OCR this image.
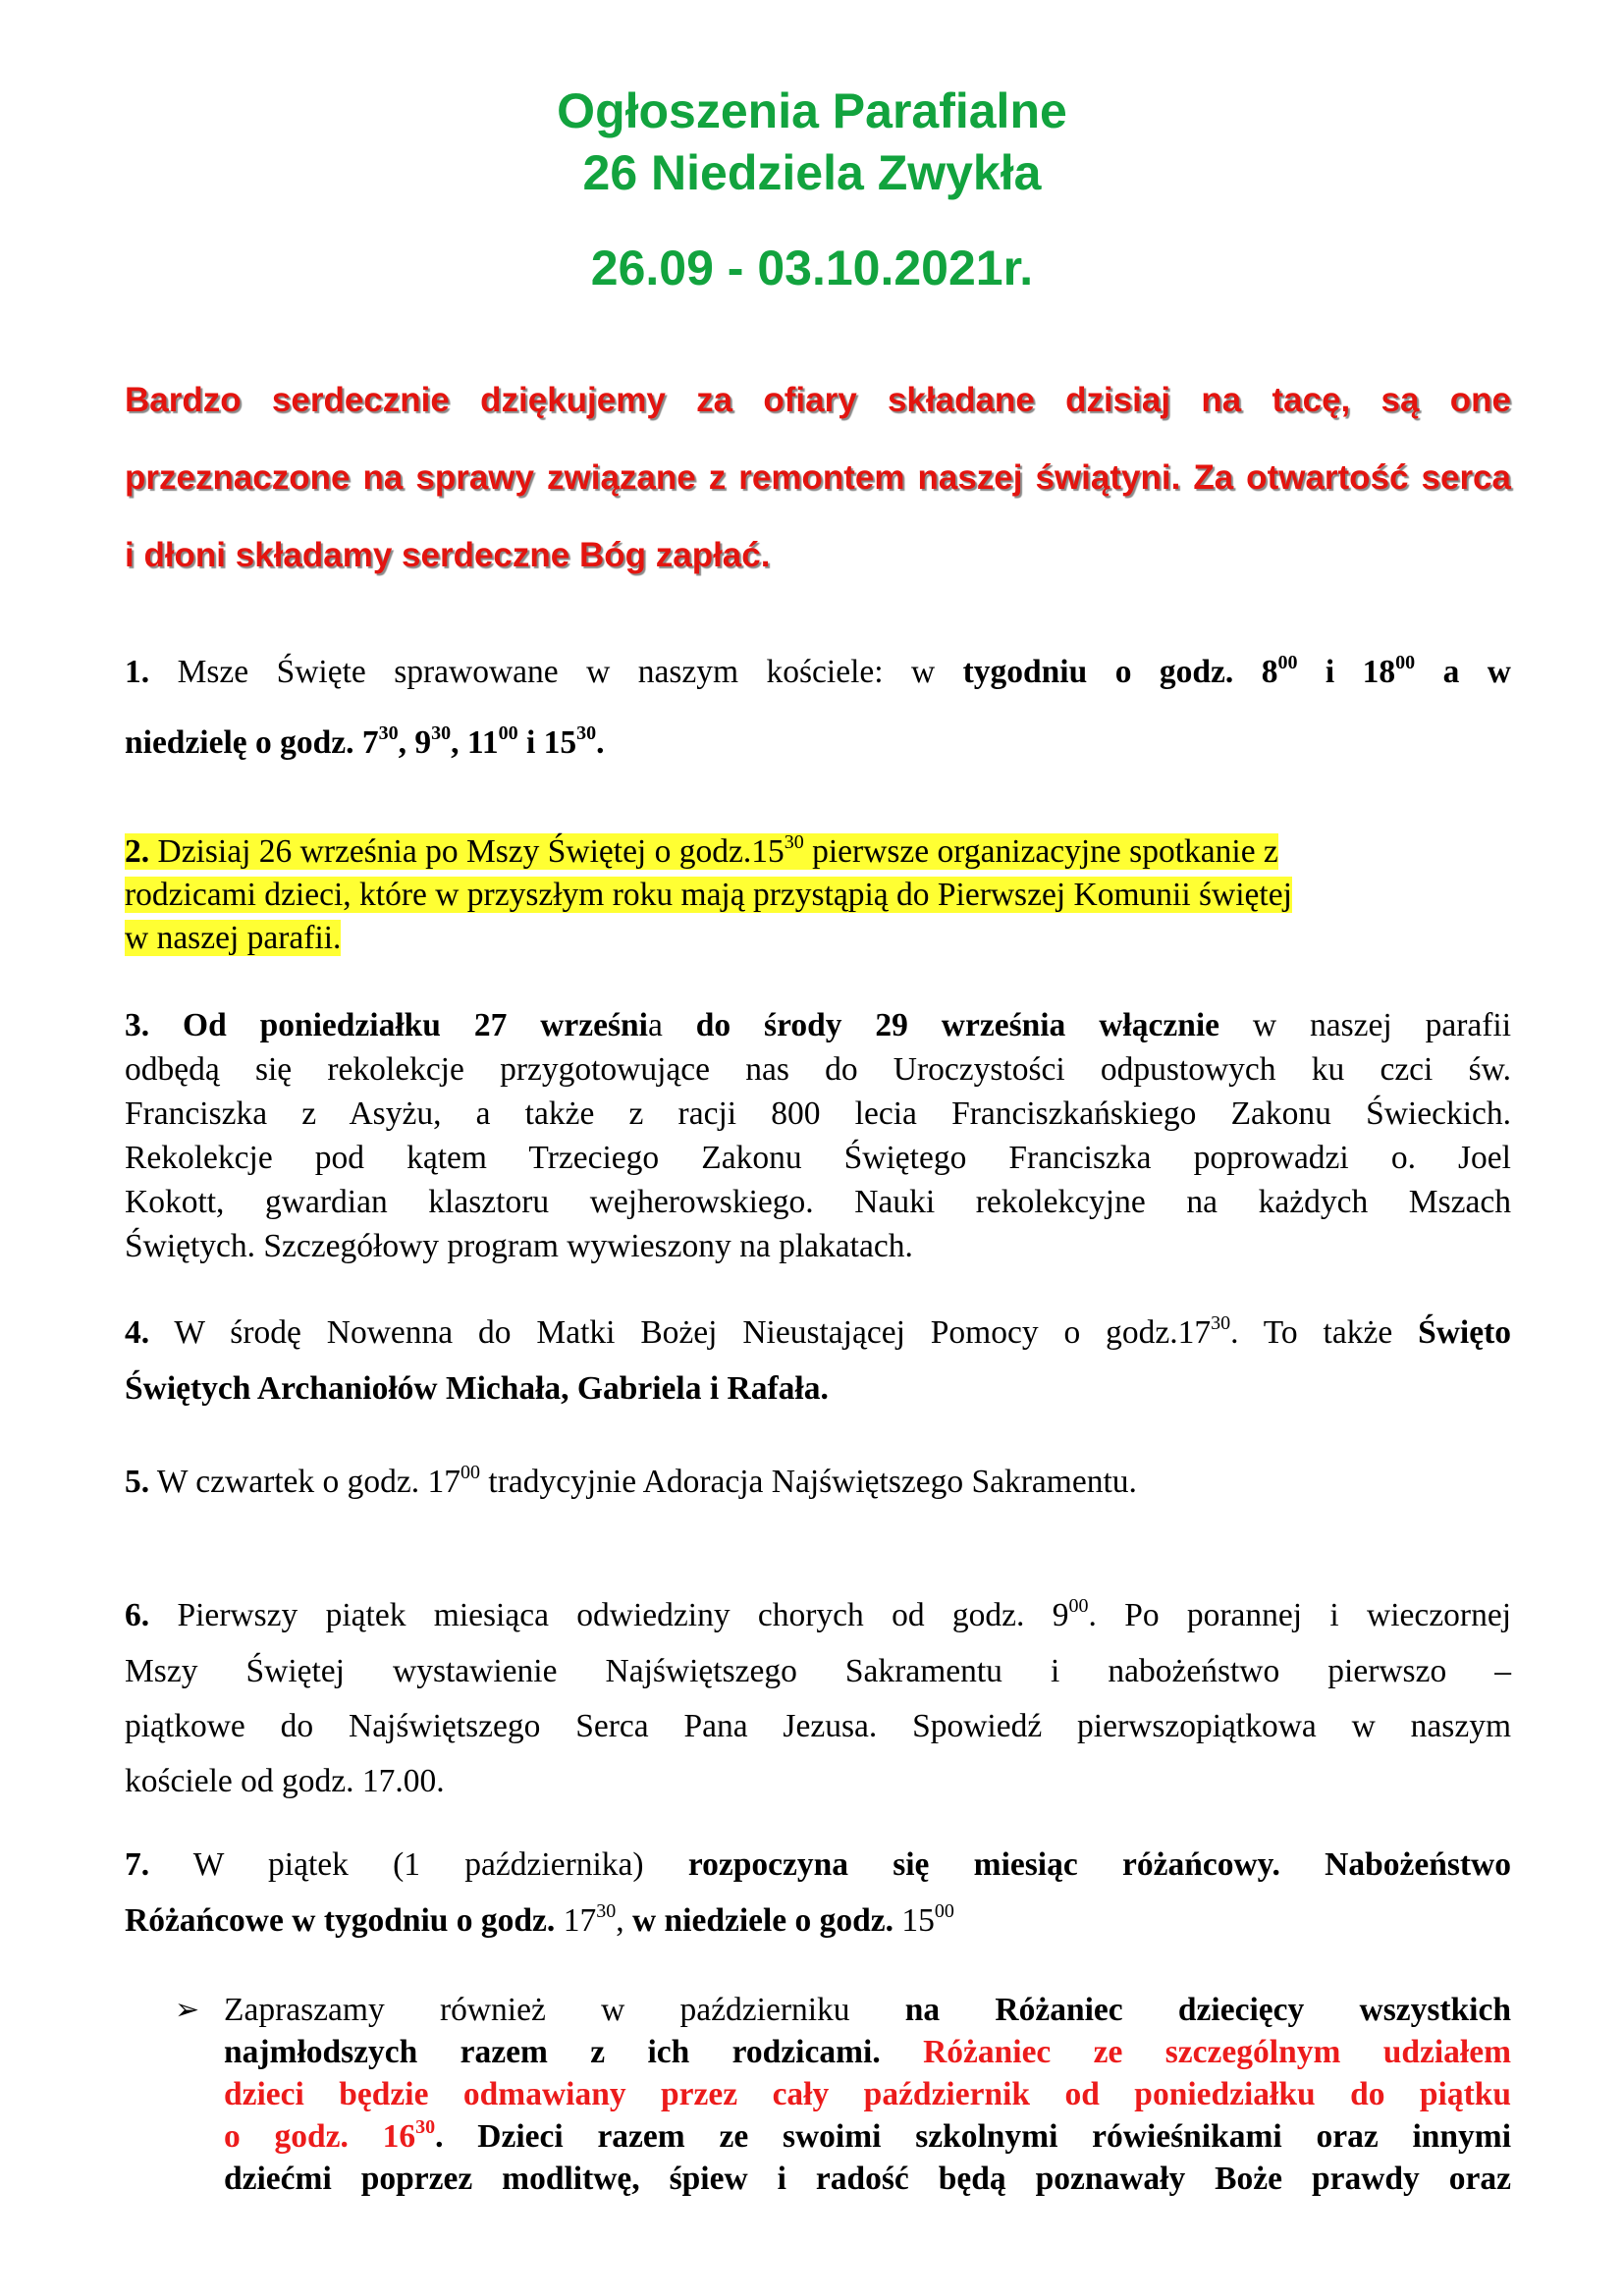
Ogłoszenia Parafialne
26 Niedziela Zwykła
26.09 - 03.10.2021r.
Bardzo serdecznie dziękujemy za ofiary składane dzisiaj na tacę, są one
przeznaczone na sprawy związane z remontem naszej świątyni. Za otwartość serca
i dłoni składamy serdeczne Bóg zapłać.
1. Msze Święte sprawowane w naszym kościele: w tygodniu o godz. $8^{00}$ i $18^{00}$ a w
niedzielę o godz. $7^{30}$, $9^{30}$, $11^{00}$ i $15^{30}$.
2. Dzisiaj 26 września po Mszy Świętej o $godz.15^{30}$ pierwsze organizacyjne spotkanie z
rodzicami dzieci, które w przyszłym roku mają przystąpią do Pierwszej Komunii świętej
w naszej parafii.
3. Od poniedziałku 27 września do środy 29 września włącznie w naszej parafii
odbędą się rekolekcje przygotowujące nas do Uroczystości odpustowych ku czci św.
Franciszka z Asyżu, a także z racji 800 lecia Franciszkańskiego Zakonu Świeckich.
Rekolekcje pod kątem Trzeciego Zakonu Świętego Franciszka poprowadzi o. Joel
Kokott, gwardian klasztoru wejherowskiego. Nauki rekolekcyjne na każdych Mszach
Świętych. Szczegółowy program wywieszony na plakatach.
4. W środę Nowenna do Matki Bożej Nieustającej Pomocy o $godz.17^{30}$. To także Święto
Świętych Archaniołów Michała, Gabriela i Rafała.
5. W czwartek o godz. $17^{00}$ tradycyjnie Adoracja Najświętszego Sakramentu.
6. Pierwszy piątek miesiąca odwiedziny chorych od godz. $9^{00}$. Po porannej i wieczornej
Mszy Świętej wystawienie Najświętszego Sakramentu i nabożeństwo pierwszo –
piątkowe do Najświętszego Serca Pana Jezusa. Spowiedź pierwszopiątkowa w naszym
kościele od godz. 17.00.
7. W piątek (1 października) rozpoczyna się miesiąc różańcowy. Nabożeństwo
Różańcowe w tygodniu o godz. $17^{30}$, w niedziele o godz. $15^{00}$
➢ Zapraszamy również w październiku na Różaniec dziecięcy wszystkich
najmłodszych razem z ich rodzicami. Różaniec ze szczególnym udziałem
dzieci będzie odmawiany przez cały październik od poniedziałku do piątku
o godz. $16^{30}$. Dzieci razem ze swoimi szkolnymi rówieśnikami oraz innymi
dziećmi poprzez modlitwę, śpiew i radość będą poznawały Boże prawdy oraz
